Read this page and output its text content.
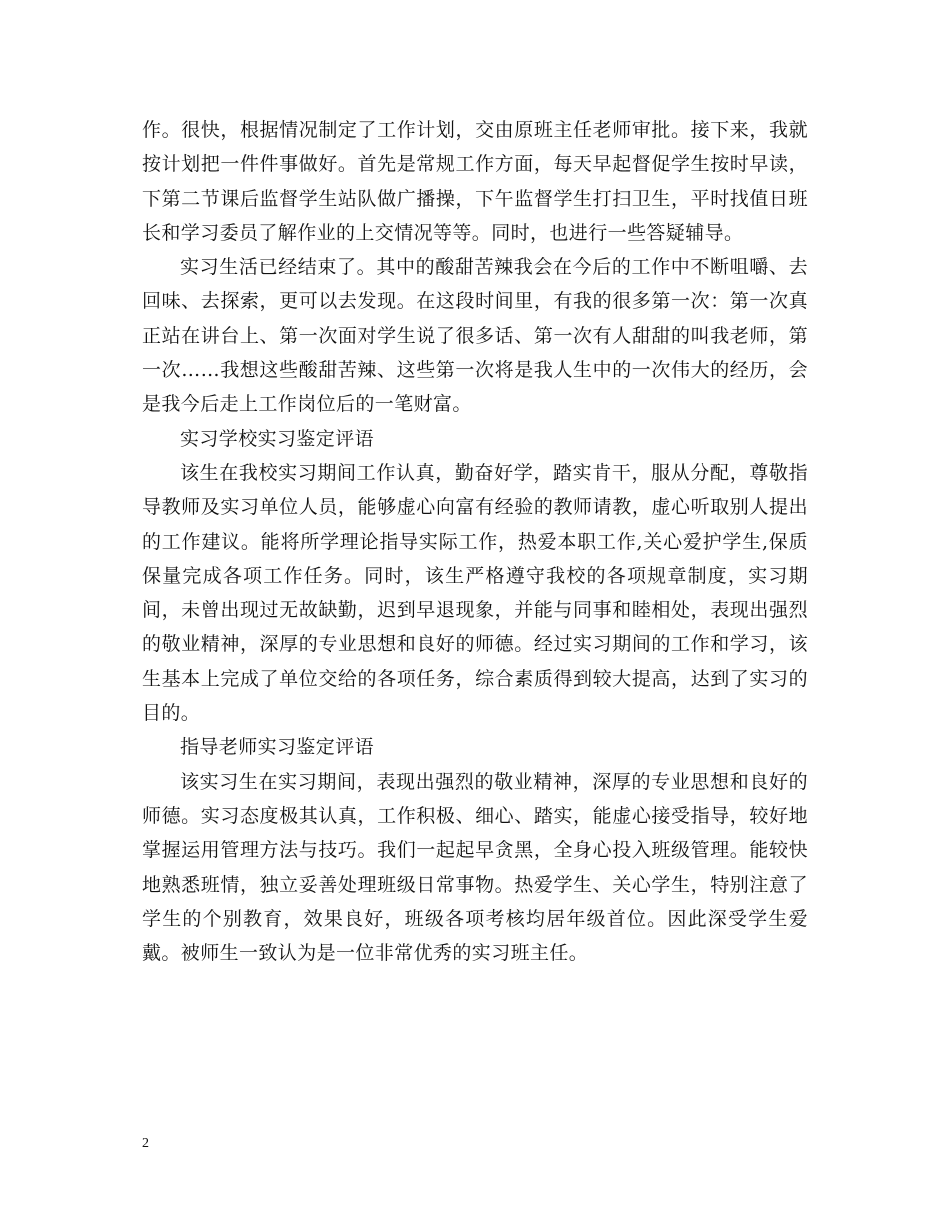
作。很快，根据情况制定了工作计划，交由原班主任老师审批。接下来，我就按计划把一件件事做好。首先是常规工作方面，每天早起督促学生按时早读，下第二节课后监督学生站队做广播操，下午监督学生打扫卫生，平时找值日班长和学习委员了解作业的上交情况等等。同时，也进行一些答疑辅导。

实习生活已经结束了。其中的酸甜苦辣我会在今后的工作中不断咀嚼、去回味、去探索，更可以去发现。在这段时间里，有我的很多第一次：第一次真正站在讲台上、第一次面对学生说了很多话、第一次有人甜甜的叫我老师，第一次……我想这些酸甜苦辣、这些第一次将是我人生中的一次伟大的经历，会是我今后走上工作岗位后的一笔财富。

实习学校实习鉴定评语

该生在我校实习期间工作认真，勤奋好学，踏实肯干，服从分配，尊敬指导教师及实习单位人员，能够虚心向富有经验的教师请教，虚心听取别人提出的工作建议。能将所学理论指导实际工作，热爱本职工作,关心爱护学生,保质保量完成各项工作任务。同时，该生严格遵守我校的各项规章制度，实习期间，未曾出现过无故缺勤，迟到早退现象，并能与同事和睦相处，表现出强烈的敬业精神，深厚的专业思想和良好的师德。经过实习期间的工作和学习，该生基本上完成了单位交给的各项任务，综合素质得到较大提高，达到了实习的目的。

指导老师实习鉴定评语

该实习生在实习期间，表现出强烈的敬业精神，深厚的专业思想和良好的师德。实习态度极其认真，工作积极、细心、踏实，能虚心接受指导，较好地掌握运用管理方法与技巧。我们一起起早贪黑，全身心投入班级管理。能较快地熟悉班情，独立妥善处理班级日常事物。热爱学生、关心学生，特别注意了学生的个别教育，效果良好，班级各项考核均居年级首位。因此深受学生爱戴。被师生一致认为是一位非常优秀的实习班主任。

2
